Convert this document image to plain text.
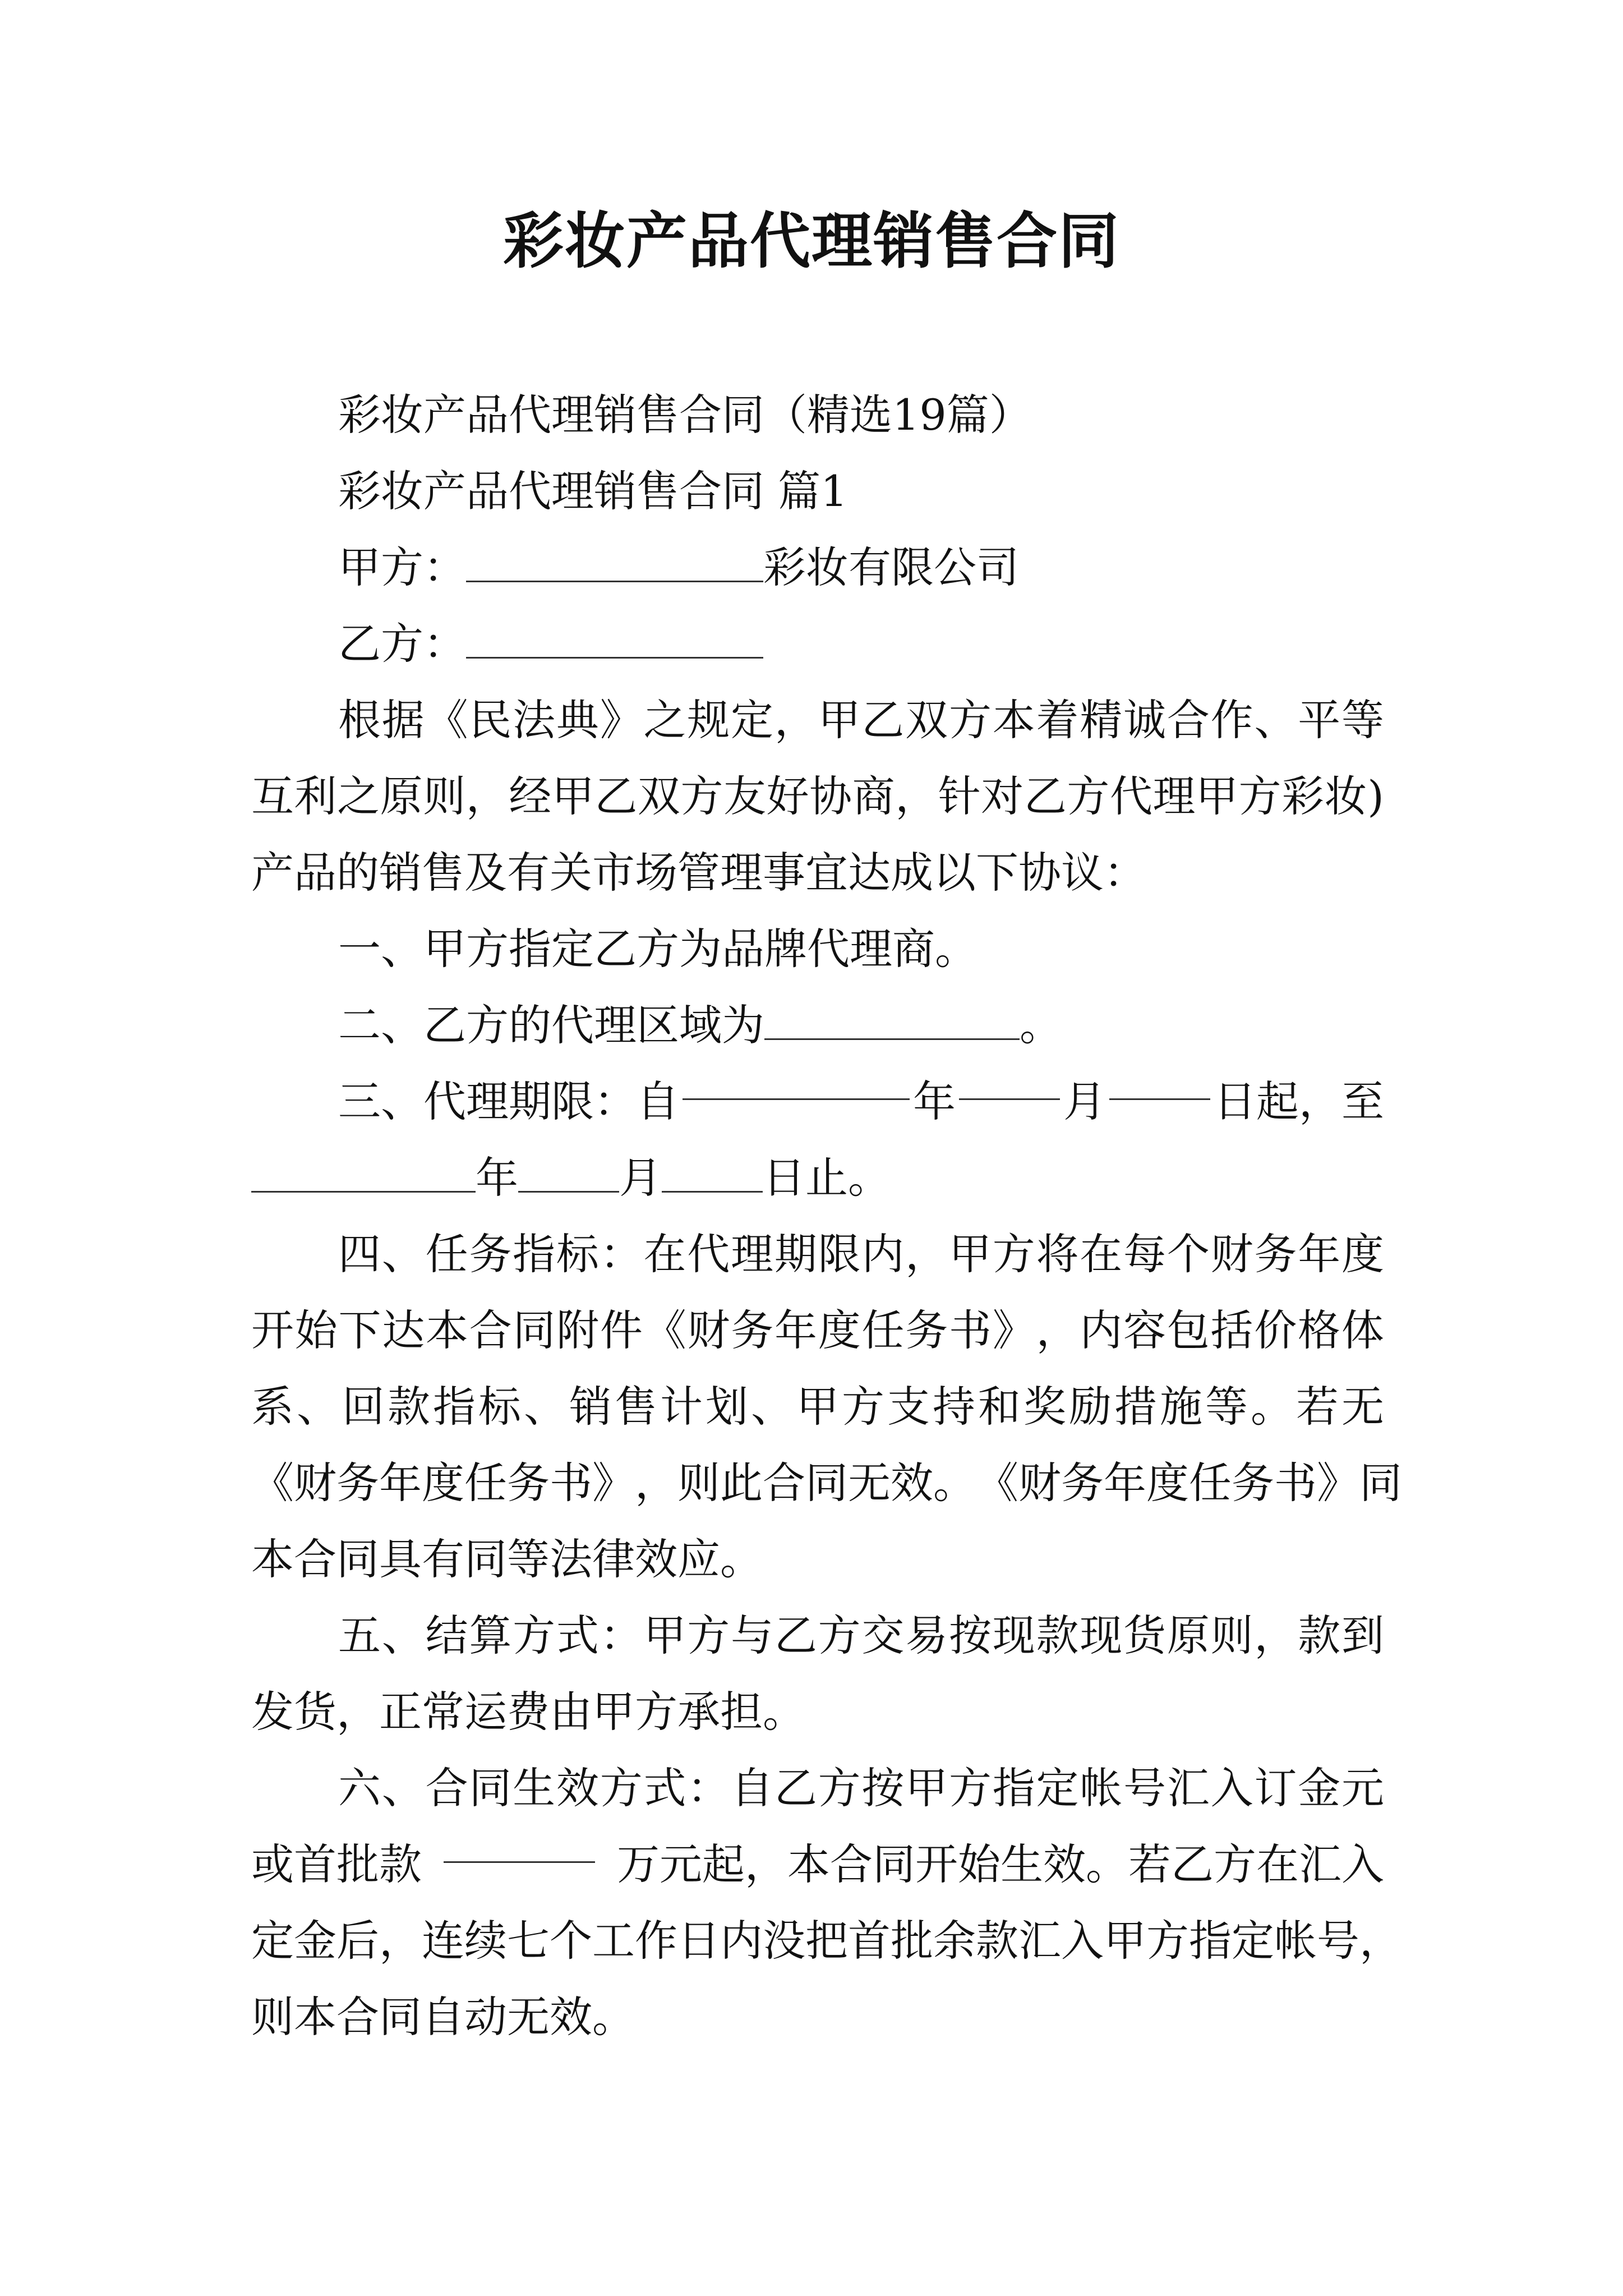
彩妆产品代理销售合同
彩妆产品代理销售合同（精选19篇）
彩妆产品代理销售合同 篇1
甲方：	彩妆有限公司
乙方：
根 据 《 民 法 典 》 之 规 定 ， 甲 乙 双 方 本 着 精 诚 合 作 、 平 等
互 利 之 原 则 ， 经 甲 乙 双 方 友 好 协 商 ， 针 对 乙 方 代 理 甲 方 彩 妆 )
产品的销售及有关市场管理事宜达成以下协议：
一、甲方指定乙方为品牌代理商。
二、乙方的代理区域为	。
三、代理期限：自	年	月	日起，至
年 月 日止。
四 、 任 务 指 标 ： 在 代 理 期 限 内 ， 甲 方 将 在 每 个 财 务 年 度
开 始 下 达 本 合 同 附 件 《 财 务 年 度 任 务 书 》 ， 内 容 包 括 价 格 体
系 、 回 款 指 标 、 销 售 计 划 、 甲 方 支 持 和 奖 励 措 施 等 。 若 无
《 财 务 年 度 任 务 书 》 ， 则 此 合 同 无 效 。 《 财 务 年 度 任 务 书 》 同
本合同具有同等法律效应。
五 、 结 算 方 式 ： 甲 方 与 乙 方 交 易 按 现 款 现 货 原 则 ， 款 到
发货，正常运费由甲方承担。
六 、 合 同 生 效 方 式 ： 自 乙 方 按 甲 方 指 定 帐 号 汇 入 订 金 元
或首批款	万元起，本合同开始生效。若乙方在汇入
定 金 后 ， 连 续 七 个 工 作 日 内 没 把 首 批 余 款 汇 入 甲 方 指 定 帐 号 ，
则本合同自动无效。
